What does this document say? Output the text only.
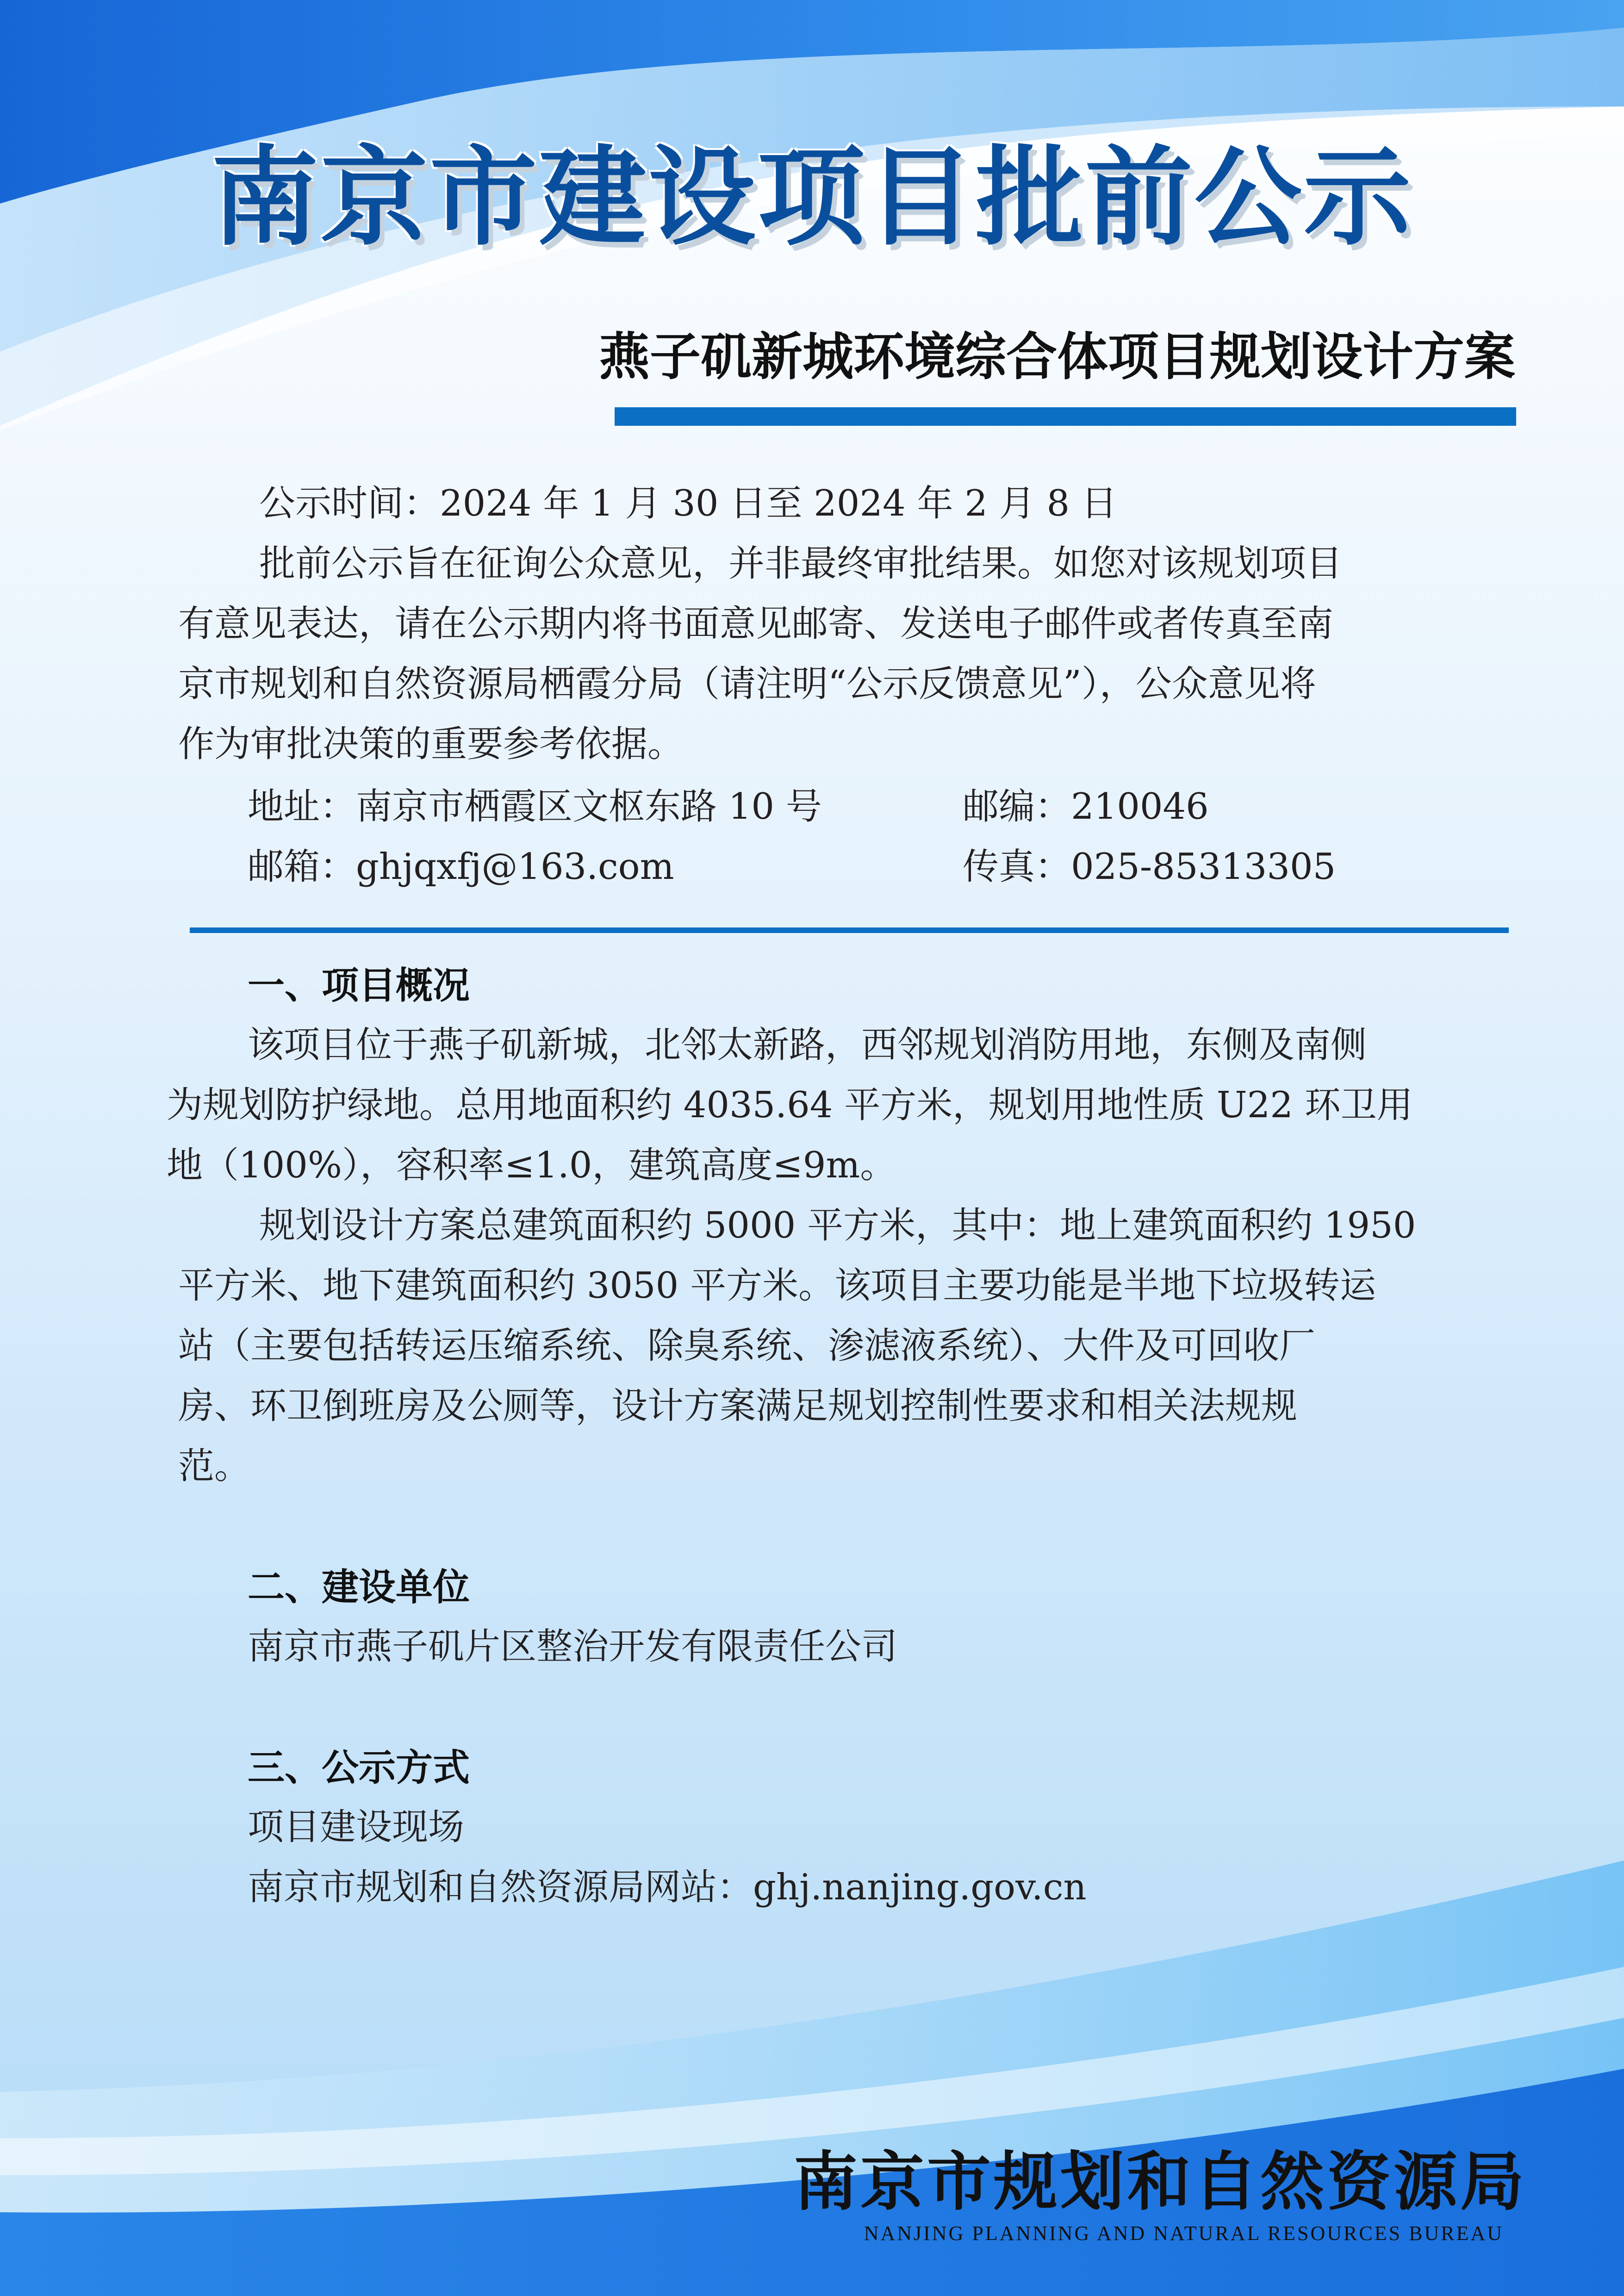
南京市建设项目批前公示
燕子矶新城环境综合体项目规划设计方案
公示时间：2024 年 1 月 30 日至 2024 年 2 月 8 日
批前公示旨在征询公众意见，并非最终审批结果。如您对该规划项目
有意见表达，请在公示期内将书面意见邮寄、发送电子邮件或者传真至南
京市规划和自然资源局栖霞分局（请注明“公示反馈意见”），公众意见将
作为审批决策的重要参考依据。
地址：南京市栖霞区文枢东路 10 号	邮编：210046
邮箱：ghjqxfj@163.com	传真：025-85313305
一、项目概况
该项目位于燕子矶新城，北邻太新路，西邻规划消防用地，东侧及南侧
为规划防护绿地。总用地面积约 4035.64 平方米，规划用地性质 U22 环卫用
地（100%），容积率≤1.0，建筑高度≤9m。
规划设计方案总建筑面积约 5000 平方米，其中：地上建筑面积约 1950
平方米、地下建筑面积约 3050 平方米。该项目主要功能是半地下垃圾转运
站（主要包括转运压缩系统、除臭系统、渗滤液系统）、大件及可回收厂
房、环卫倒班房及公厕等，设计方案满足规划控制性要求和相关法规规
范。
二、建设单位
南京市燕子矶片区整治开发有限责任公司
三、公示方式
项目建设现场
南京市规划和自然资源局网站：ghj.nanjing.gov.cn
南京市规划和自然资源局
NANJING PLANNING AND NATURAL RESOURCES BUREAU
